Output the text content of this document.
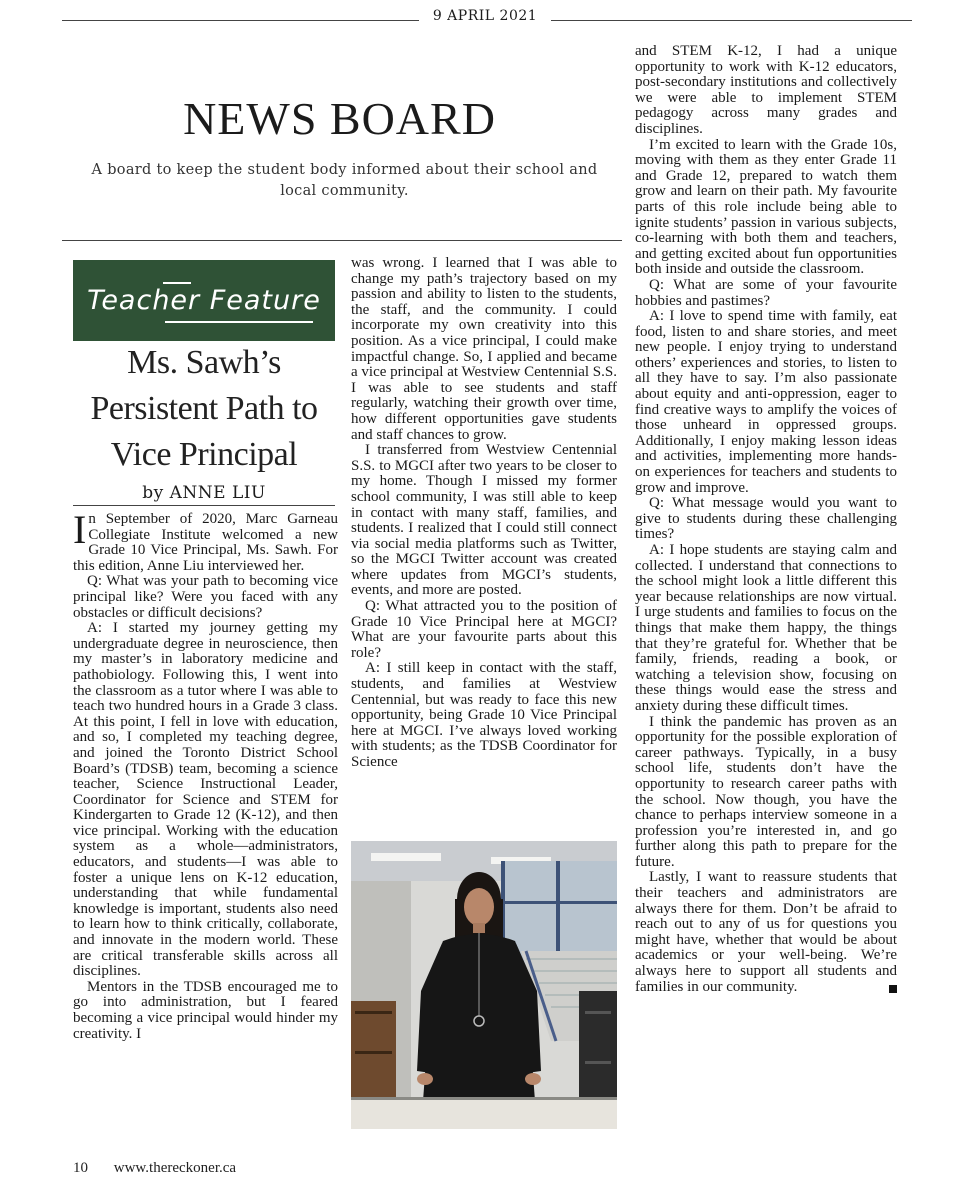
9 APRIL 2021
NEWS BOARD
A board to keep the student body informed about their school and
local community.
Teacher Feature
Ms. Sawh’s
Persistent Path to
Vice Principal
by ANNE LIU

In September of 2020, Marc Garneau Collegiate Institute welcomed a new Grade 10 Vice Principal, Ms. Sawh. For this edition, Anne Liu interviewed her.

Q: What was your path to becoming vice principal like? Were you faced with any obstacles or difficult decisions?

A: I started my journey getting my undergraduate degree in neuroscience, then my master’s in laboratory medicine and pathobiology. Following this, I went into the classroom as a tutor where I was able to teach two hundred hours in a Grade 3 class. At this point, I fell in love with education, and so, I completed my teaching degree, and joined the Toronto District School Board’s (TDSB) team, becoming a science teacher, Science Instructional Leader, Coordinator for Science and STEM for Kindergarten to Grade 12 (K-12), and then vice principal. Working with the education system as a whole—administrators, educators, and students—I was able to foster a unique lens on K-12 education, understanding that while fundamental knowledge is important, students also need to learn how to think critically, collaborate, and innovate in the modern world. These are critical transferable skills across all disciplines.

Mentors in the TDSB encouraged me to go into administration, but I feared becoming a vice principal would hinder my creativity. I

was wrong. I learned that I was able to change my path’s trajectory based on my passion and ability to listen to the students, the staff, and the community. I could incorporate my own creativity into this position. As a vice principal, I could make impactful change. So, I applied and became a vice principal at Westview Centennial S.S. I was able to see students and staff regularly, watching their growth over time, how different opportunities gave students and staff chances to grow.

I transferred from Westview Centennial S.S. to MGCI after two years to be closer to my home. Though I missed my former school community, I was still able to keep in contact with many staff, families, and students. I realized that I could still connect via social media platforms such as Twitter, so the MGCI Twitter account was created where updates from MGCI’s students, events, and more are posted.

Q: What attracted you to the position of Grade 10 Vice Principal here at MGCI? What are your favourite parts about this role?

A: I still keep in contact with the staff, students, and families at Westview Centennial, but was ready to face this new opportunity, being Grade 10 Vice Principal here at MGCI. I’ve always loved working with students; as the TDSB Coordinator for Science

and STEM K-12, I had a unique opportunity to work with K-12 educators, post-secondary institutions and collectively we were able to implement STEM pedagogy across many grades and disciplines.

I’m excited to learn with the Grade 10s, moving with them as they enter Grade 11 and Grade 12, prepared to watch them grow and learn on their path. My favourite parts of this role include being able to ignite students’ passion in various subjects, co-learning with both them and teachers, and getting excited about fun opportunities both inside and outside the classroom.

Q: What are some of your favourite hobbies and pastimes?

A: I love to spend time with family, eat food, listen to and share stories, and meet new people. I enjoy trying to understand others’ experiences and stories, to listen to all they have to say. I’m also passionate about equity and anti-oppression, eager to find creative ways to amplify the voices of those unheard in oppressed groups. Additionally, I enjoy making lesson ideas and activities, implementing more hands-on experiences for teachers and students to grow and improve.

Q: What message would you want to give to students during these challenging times?

A: I hope students are staying calm and collected. I understand that connections to the school might look a little different this year because relationships are now virtual. I urge students and families to focus on the things that make them happy, the things that they’re grateful for. Whether that be family, friends, reading a book, or watching a television show, focusing on these things would ease the stress and anxiety during these difficult times.

I think the pandemic has proven as an opportunity for the possible exploration of career pathways. Typically, in a busy school life, students don’t have the opportunity to research career paths with the school. Now though, you have the chance to perhaps interview someone in a profession you’re interested in, and go further along this path to prepare for the future.

Lastly, I want to reassure students that their teachers and administrators are always there for them. Don’t be afraid to reach out to any of us for questions you might have, whether that would be about academics or your well-being. We’re always here to support all students and families in our community.

10 www.thereckoner.ca
